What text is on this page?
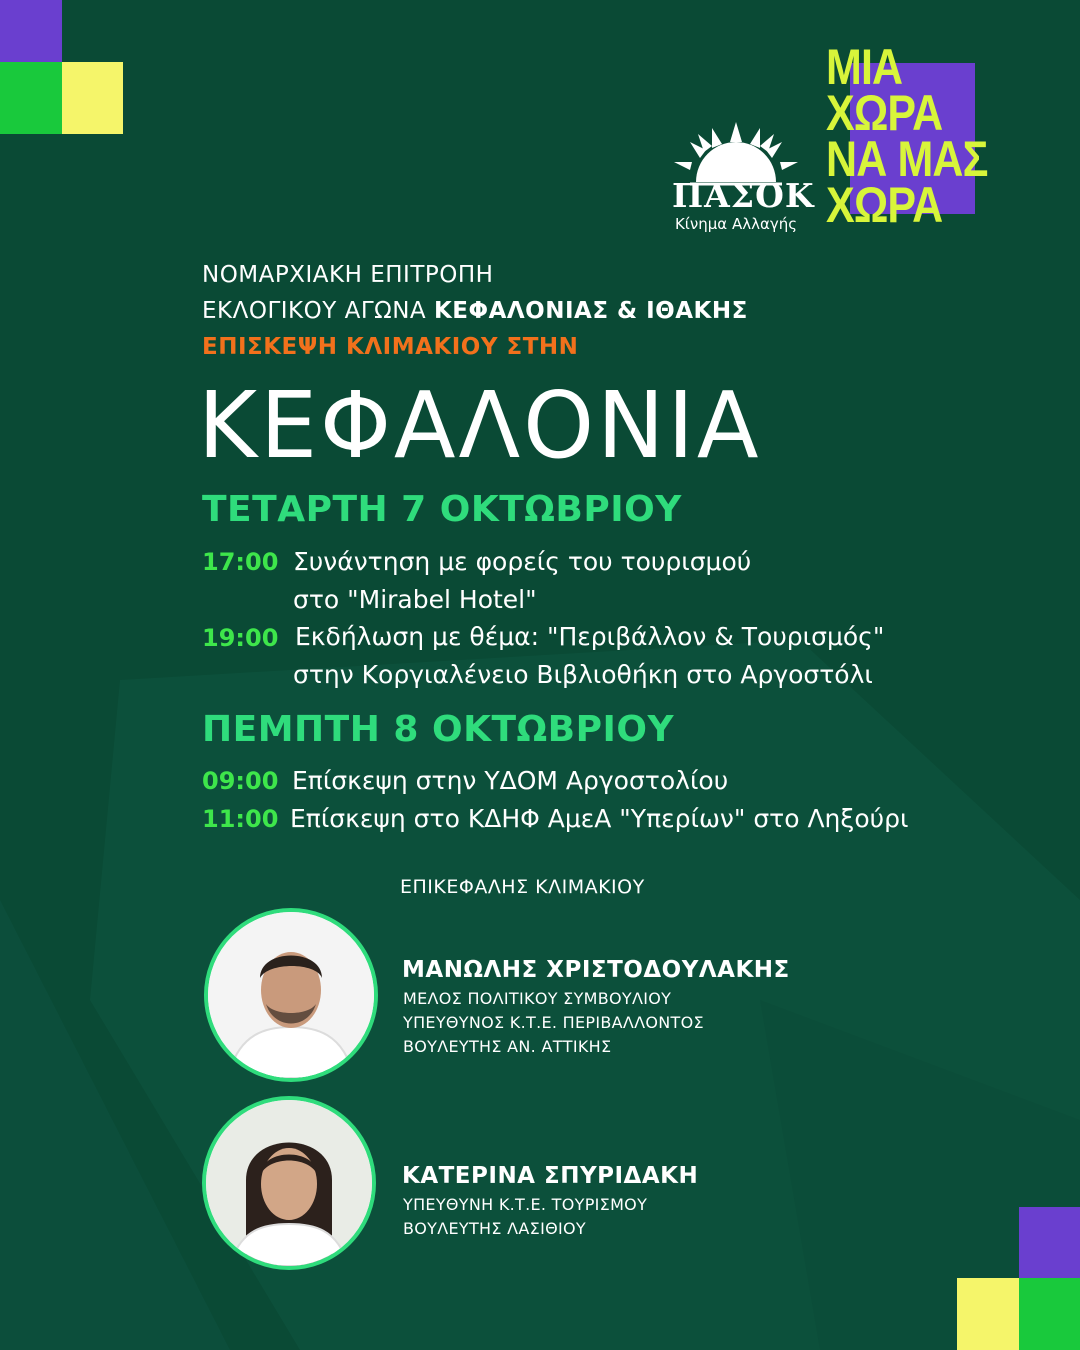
ΠΑΣΟΚ
Κίνημα Αλλαγής
ΜΙΑ
ΧΩΡΑ
ΝΑ ΜΑΣ
ΧΩΡΑ
ΝΟΜΑΡΧΙΑΚΗ ΕΠΙΤΡΟΠΗ
ΕΚΛΟΓΙΚΟΥ ΑΓΩΝΑ ΚΕΦΑΛΟΝΙΑΣ & ΙΘΑΚΗΣ
ΕΠΙΣΚΕΨΗ ΚΛΙΜΑΚΙΟΥ ΣΤΗΝ
ΚΕΦΑΛΟΝΙΑ
ΤΕΤΑΡΤΗ 7 ΟΚΤΩΒΡΙΟΥ
17:00 Συνάντηση με φορείς του τουρισμού
στο "Mirabel Hotel"
19:00 Εκδήλωση με θέμα: "Περιβάλλον & Τουρισμός"
στην Κοργιαλένειο Βιβλιοθήκη στο Αργοστόλι
ΠΕΜΠΤΗ 8 ΟΚΤΩΒΡΙΟΥ
09:00 Επίσκεψη στην ΥΔΟΜ Αργοστολίου
11:00 Επίσκεψη στο ΚΔΗΦ ΑμεΑ "Υπερίων" στο Ληξούρι
ΕΠΙΚΕΦΑΛΗΣ ΚΛΙΜΑΚΙΟΥ
ΜΑΝΩΛΗΣ ΧΡΙΣΤΟΔΟΥΛΑΚΗΣ
ΜΕΛΟΣ ΠΟΛΙΤΙΚΟΥ ΣΥΜΒΟΥΛΙΟΥ
ΥΠΕΥΘΥΝΟΣ Κ.Τ.Ε. ΠΕΡΙΒΑΛΛΟΝΤΟΣ
ΒΟΥΛΕΥΤΗΣ ΑΝ. ΑΤΤΙΚΗΣ
ΚΑΤΕΡΙΝΑ ΣΠΥΡΙΔΑΚΗ
ΥΠΕΥΘΥΝΗ Κ.Τ.Ε. ΤΟΥΡΙΣΜΟΥ
ΒΟΥΛΕΥΤΗΣ ΛΑΣΙΘΙΟΥ
